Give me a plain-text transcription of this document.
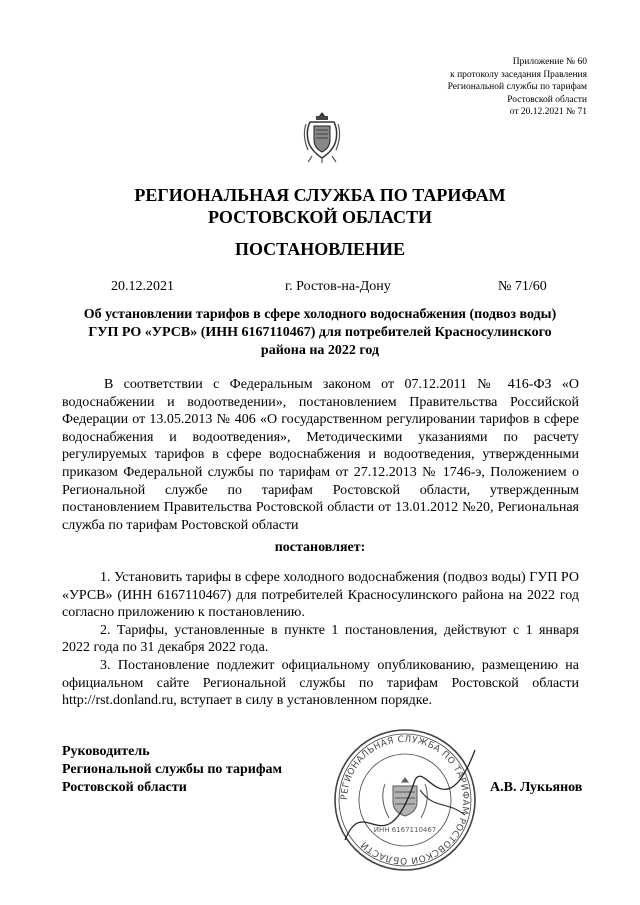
Приложение № 60
к протоколу заседания Правления
Региональной службы по тарифам
Ростовской области
от 20.12.2021 № 71
РЕГИОНАЛЬНАЯ СЛУЖБА ПО ТАРИФАМ
РОСТОВСКОЙ ОБЛАСТИ
ПОСТАНОВЛЕНИЕ
20.12.2021	г. Ростов-на-Дону	№ 71/60
Об установлении тарифов в сфере холодного водоснабжения (подвоз воды)
ГУП РО «УРСВ» (ИНН 6167110467) для потребителей Красносулинского
района на 2022 год
В соответствии с Федеральным законом от 07.12.2011 № 416-ФЗ «О водоснабжении и водоотведении», постановлением Правительства Российской Федерации от 13.05.2013 № 406 «О государственном регулировании тарифов в сфере водоснабжения и водоотведения», Методическими указаниями по расчету регулируемых тарифов в сфере водоснабжения и водоотведения, утвержденными приказом Федеральной службы по тарифам от 27.12.2013 № 1746-э, Положением о Региональной службе по тарифам Ростовской области, утвержденным постановлением Правительства Ростовской области от 13.01.2012 №20, Региональная служба по тарифам Ростовской области
постановляет:

1. Установить тарифы в сфере холодного водоснабжения (подвоз воды) ГУП РО «УРСВ» (ИНН 6167110467) для потребителей Красносулинского района на 2022 год согласно приложению к постановлению.

2. Тарифы, установленные в пункте 1 постановления, действуют с 1 января 2022 года по 31 декабря 2022 года.

3. Постановление подлежит официальному опубликованию, размещению на официальном сайте Региональной службы по тарифам Ростовской области http://rst.donland.ru, вступает в силу в установленном порядке.

Руководитель
Региональной службы по тарифам
Ростовской области
РЕГИОНАЛЬНАЯ СЛУЖБА ПО ТАРИФАМ РОСТОВСКОЙ ОБЛАСТИ
ИНН 6167110467
А.В. Лукьянов
